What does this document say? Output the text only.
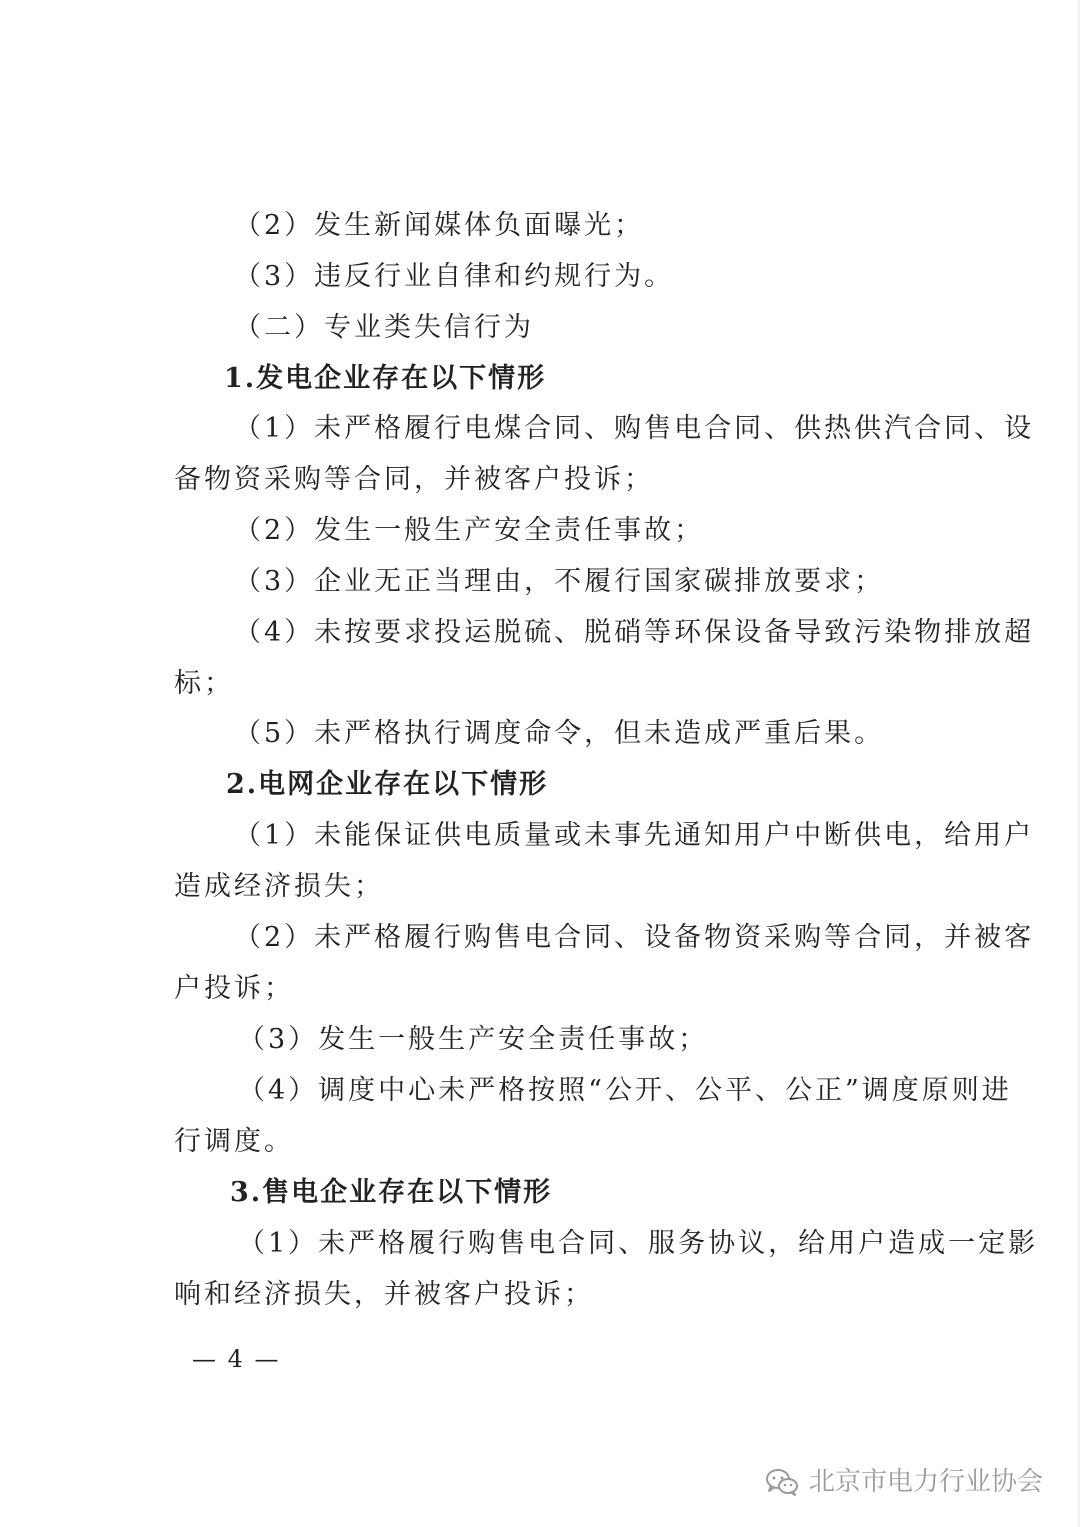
（2）发生新闻媒体负面曝光；
（3）违反行业自律和约规行为。
（二）专业类失信行为
1.发电企业存在以下情形
（1）未严格履行电煤合同、购售电合同、供热供汽合同、设
备物资采购等合同，并被客户投诉；
（2）发生一般生产安全责任事故；
（3）企业无正当理由，不履行国家碳排放要求；
（4）未按要求投运脱硫、脱硝等环保设备导致污染物排放超
标；
（5）未严格执行调度命令，但未造成严重后果。
2.电网企业存在以下情形
（1）未能保证供电质量或未事先通知用户中断供电，给用户
造成经济损失；
（2）未严格履行购售电合同、设备物资采购等合同，并被客
户投诉；
（3）发生一般生产安全责任事故；
（4）调度中心未严格按照“公开、公平、公正”调度原则进
行调度。
3.售电企业存在以下情形
（1）未严格履行购售电合同、服务协议，给用户造成一定影
响和经济损失，并被客户投诉；
— 4 —
北京市电力行业协会
